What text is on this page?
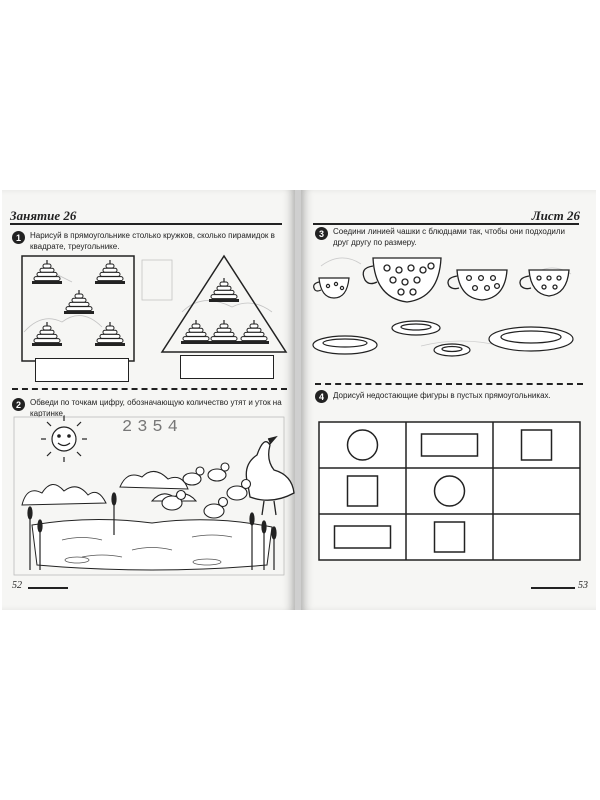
Занятие 26
1	Нарисуй в прямоугольнике столько кружков, сколько пирамидок в квадрате, треугольнике.
2	Обведи по точкам цифру, обозначающую количество утят и уток на картинке.
2354
52
Лист 26
3	Соедини линией чашки с блюдцами так, чтобы они подходили друг другу по размеру.
4	Дорисуй недостающие фигуры в пустых прямоугольниках.
53
